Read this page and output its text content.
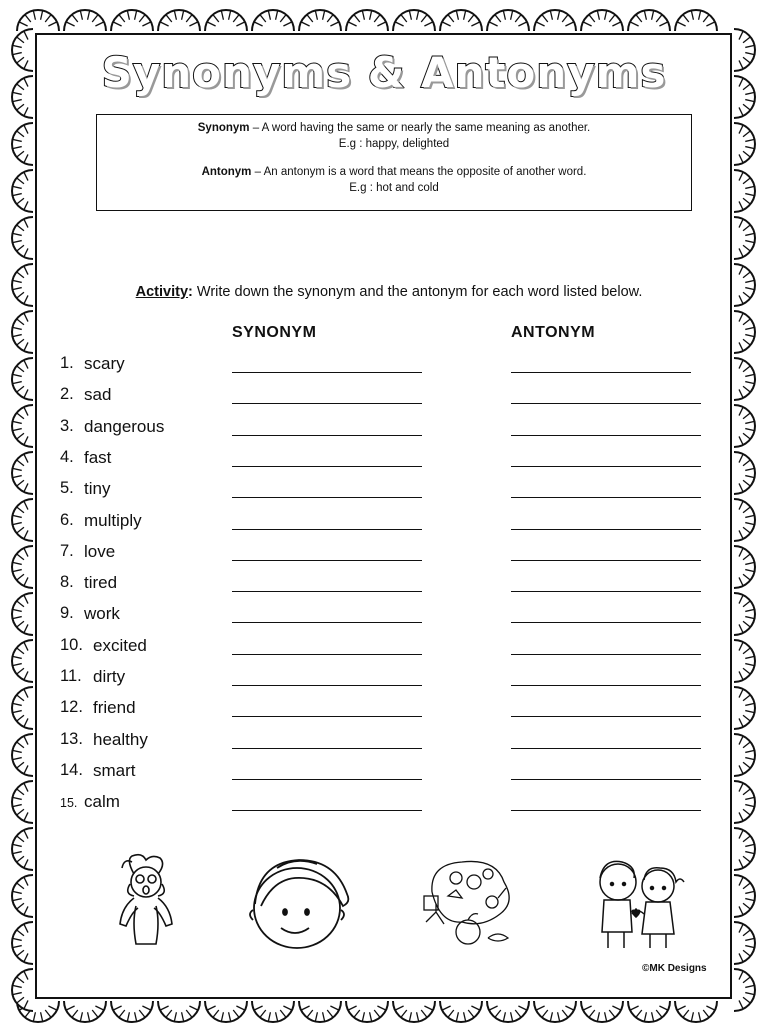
Synonyms & Antonyms

Synonym – A word having the same or nearly the same meaning as another.

E.g : happy, delighted

Antonym – An antonym is a word that means the opposite of another word.

E.g : hot and cold

Activity: Write down the synonym and the antonym for each word listed below.
SYNONYM	ANTONYM
1. scary
2. sad
3. dangerous
4. fast
5. tiny
6. multiply
7. love
8. tired
9. work
10. excited
11. dirty
12. friend
13. healthy
14. smart
15. calm
©MK Designs
